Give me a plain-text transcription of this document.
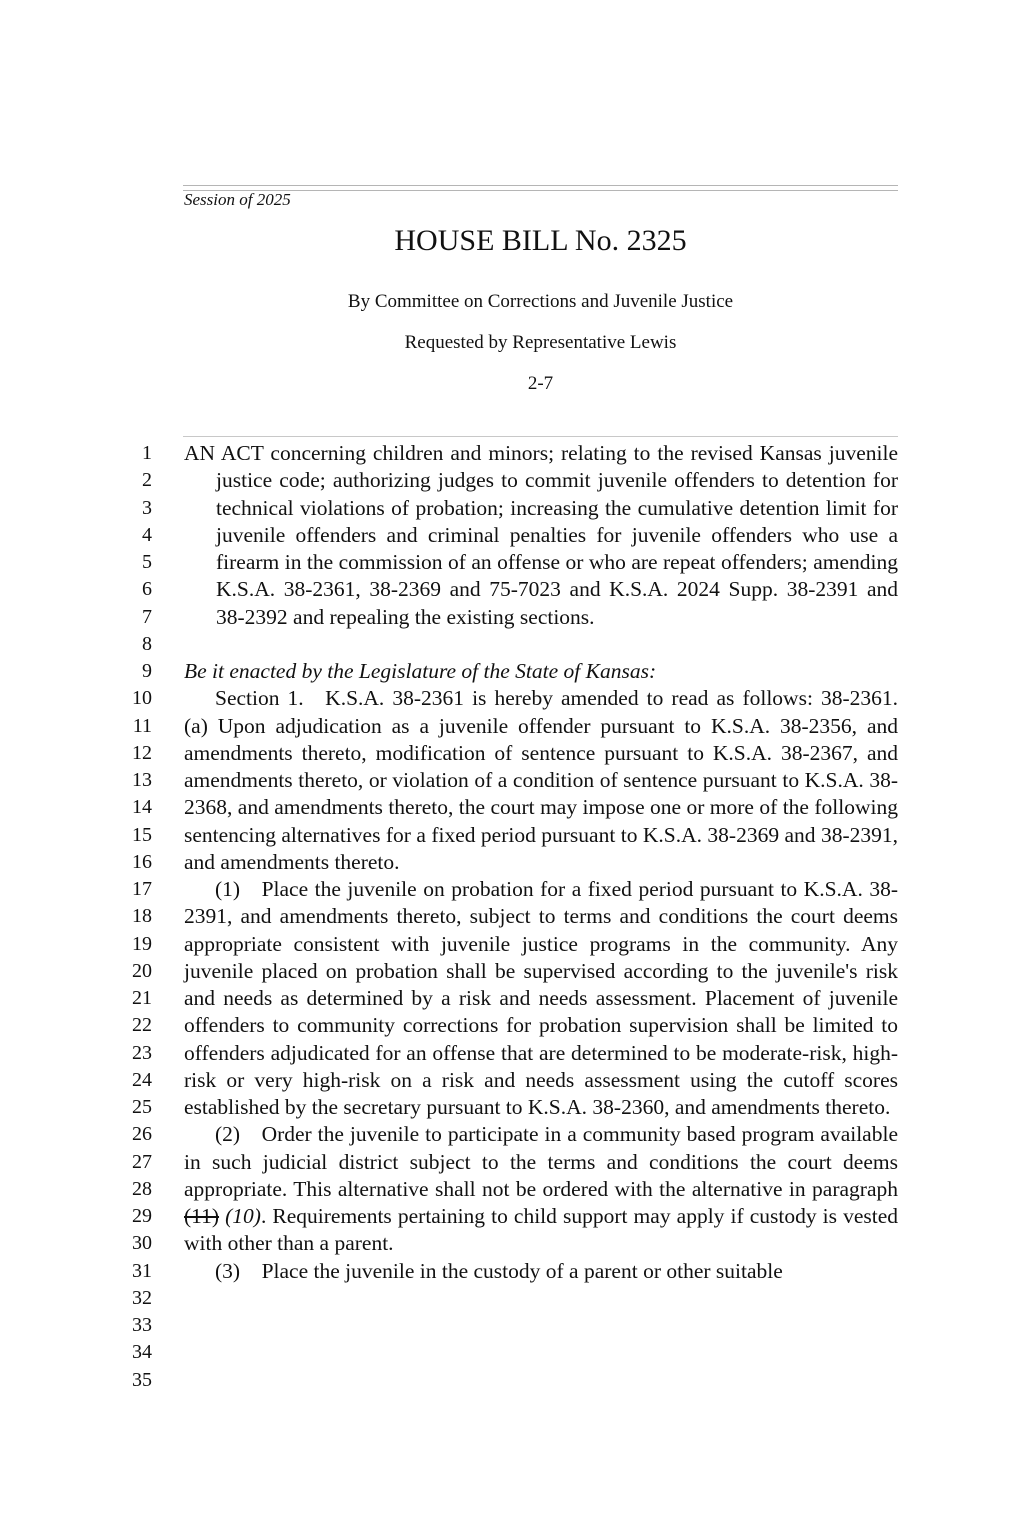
Session of 2025
HOUSE BILL No. 2325
By Committee on Corrections and Juvenile Justice
Requested by Representative Lewis
2-7
1
2
3
4
5
6
7
8
9
10
11
12
13
14
15
16
17
18
19
20
21
22
23
24
25
26
27
28
29
30
31
32
33
34
35

AN ACT concerning children and minors; relating to the revised Kansas juvenile justice code; authorizing judges to commit juvenile offenders to detention for technical violations of probation; increasing the cumulative detention limit for juvenile offenders and criminal penalties for juvenile offenders who use a firearm in the commission of an offense or who are repeat offenders; amending K.S.A. 38-2361, 38-2369 and 75-7023 and K.S.A. 2024 Supp. 38-2391 and 38-2392 and repealing the existing sections.

Be it enacted by the Legislature of the State of Kansas:

Section 1. K.S.A. 38-2361 is hereby amended to read as follows: 38-2361. (a) Upon adjudication as a juvenile offender pursuant to K.S.A. 38-2356, and amendments thereto, modification of sentence pursuant to K.S.A. 38-2367, and amendments thereto, or violation of a condition of sentence pursuant to K.S.A. 38-2368, and amendments thereto, the court may impose one or more of the following sentencing alternatives for a fixed period pursuant to K.S.A. 38-2369 and 38-2391, and amendments thereto.

(1) Place the juvenile on probation for a fixed period pursuant to K.S.A. 38-2391, and amendments thereto, subject to terms and conditions the court deems appropriate consistent with juvenile justice programs in the community. Any juvenile placed on probation shall be supervised according to the juvenile's risk and needs as determined by a risk and needs assessment. Placement of juvenile offenders to community corrections for probation supervision shall be limited to offenders adjudicated for an offense that are determined to be moderate-risk, high-risk or very high-risk on a risk and needs assessment using the cutoff scores established by the secretary pursuant to K.S.A. 38-2360, and amendments thereto.

(2) Order the juvenile to participate in a community based program available in such judicial district subject to the terms and conditions the court deems appropriate. This alternative shall not be ordered with the alternative in paragraph (11) (10). Requirements pertaining to child support may apply if custody is vested with other than a parent.

(3) Place the juvenile in the custody of a parent or other suitable
